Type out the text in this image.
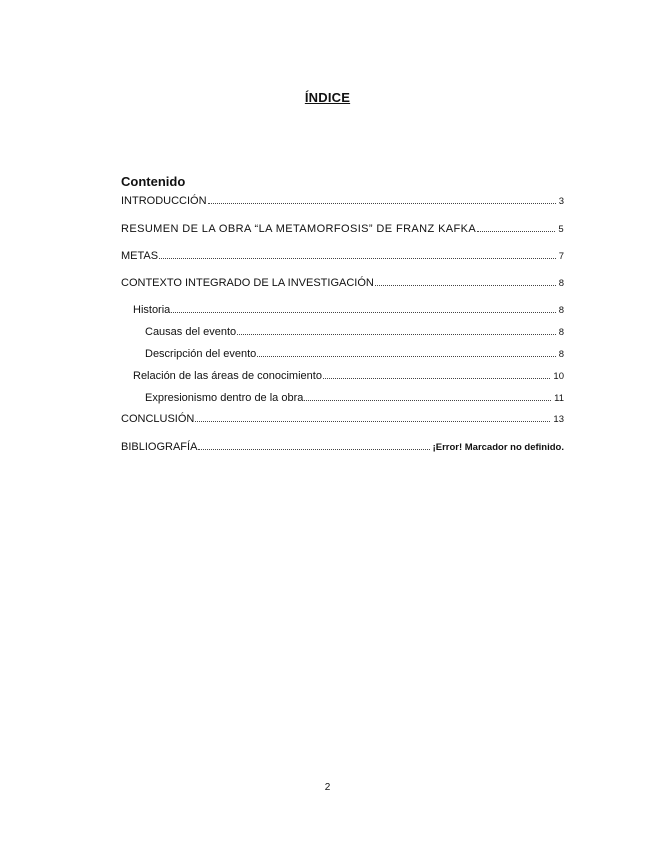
ÍNDICE
Contenido
INTRODUCCIÓN	3
RESUMEN DE LA OBRA “LA METAMORFOSIS” DE FRANZ KAFKA	5
METAS	7
CONTEXTO INTEGRADO DE LA INVESTIGACIÓN	8
Historia	8
Causas del evento	8
Descripción del evento	8
Relación de las áreas de conocimiento	10
Expresionismo dentro de la obra	11
CONCLUSIÓN	13
BIBLIOGRAFÍA	¡Error! Marcador no definido.
2
